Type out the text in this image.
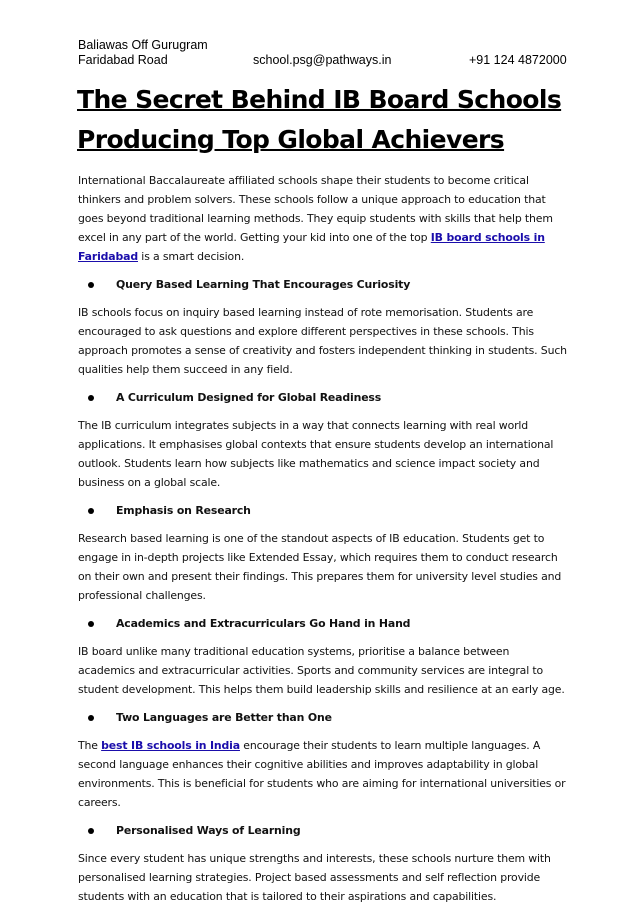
Baliawas Off Gurugram
Faridabad Road	school.psg@pathways.in	+91 124 4872000
The Secret Behind IB Board Schools
Producing Top Global Achievers

International Baccalaureate affiliated schools shape their students to become critical thinkers and problem solvers. These schools follow a unique approach to education that goes beyond traditional learning methods. They equip students with skills that help them excel in any part of the world. Getting your kid into one of the top IB board schools in Faridabad is a smart decision.

Query Based Learning That Encourages Curiosity

IB schools focus on inquiry based learning instead of rote memorisation. Students are encouraged to ask questions and explore different perspectives in these schools. This approach promotes a sense of creativity and fosters independent thinking in students. Such qualities help them succeed in any field.

A Curriculum Designed for Global Readiness

The IB curriculum integrates subjects in a way that connects learning with real world applications. It emphasises global contexts that ensure students develop an international outlook. Students learn how subjects like mathematics and science impact society and business on a global scale.

Emphasis on Research

Research based learning is one of the standout aspects of IB education. Students get to engage in in-depth projects like Extended Essay, which requires them to conduct research on their own and present their findings. This prepares them for university level studies and professional challenges.

Academics and Extracurriculars Go Hand in Hand

IB board unlike many traditional education systems, prioritise a balance between academics and extracurricular activities. Sports and community services are integral to student development. This helps them build leadership skills and resilience at an early age.

Two Languages are Better than One

The best IB schools in India encourage their students to learn multiple languages. A second language enhances their cognitive abilities and improves adaptability in global environments. This is beneficial for students who are aiming for international universities or careers.

Personalised Ways of Learning

Since every student has unique strengths and interests, these schools nurture them with personalised learning strategies. Project based assessments and self reflection provide students with an education that is tailored to their aspirations and capabilities.
